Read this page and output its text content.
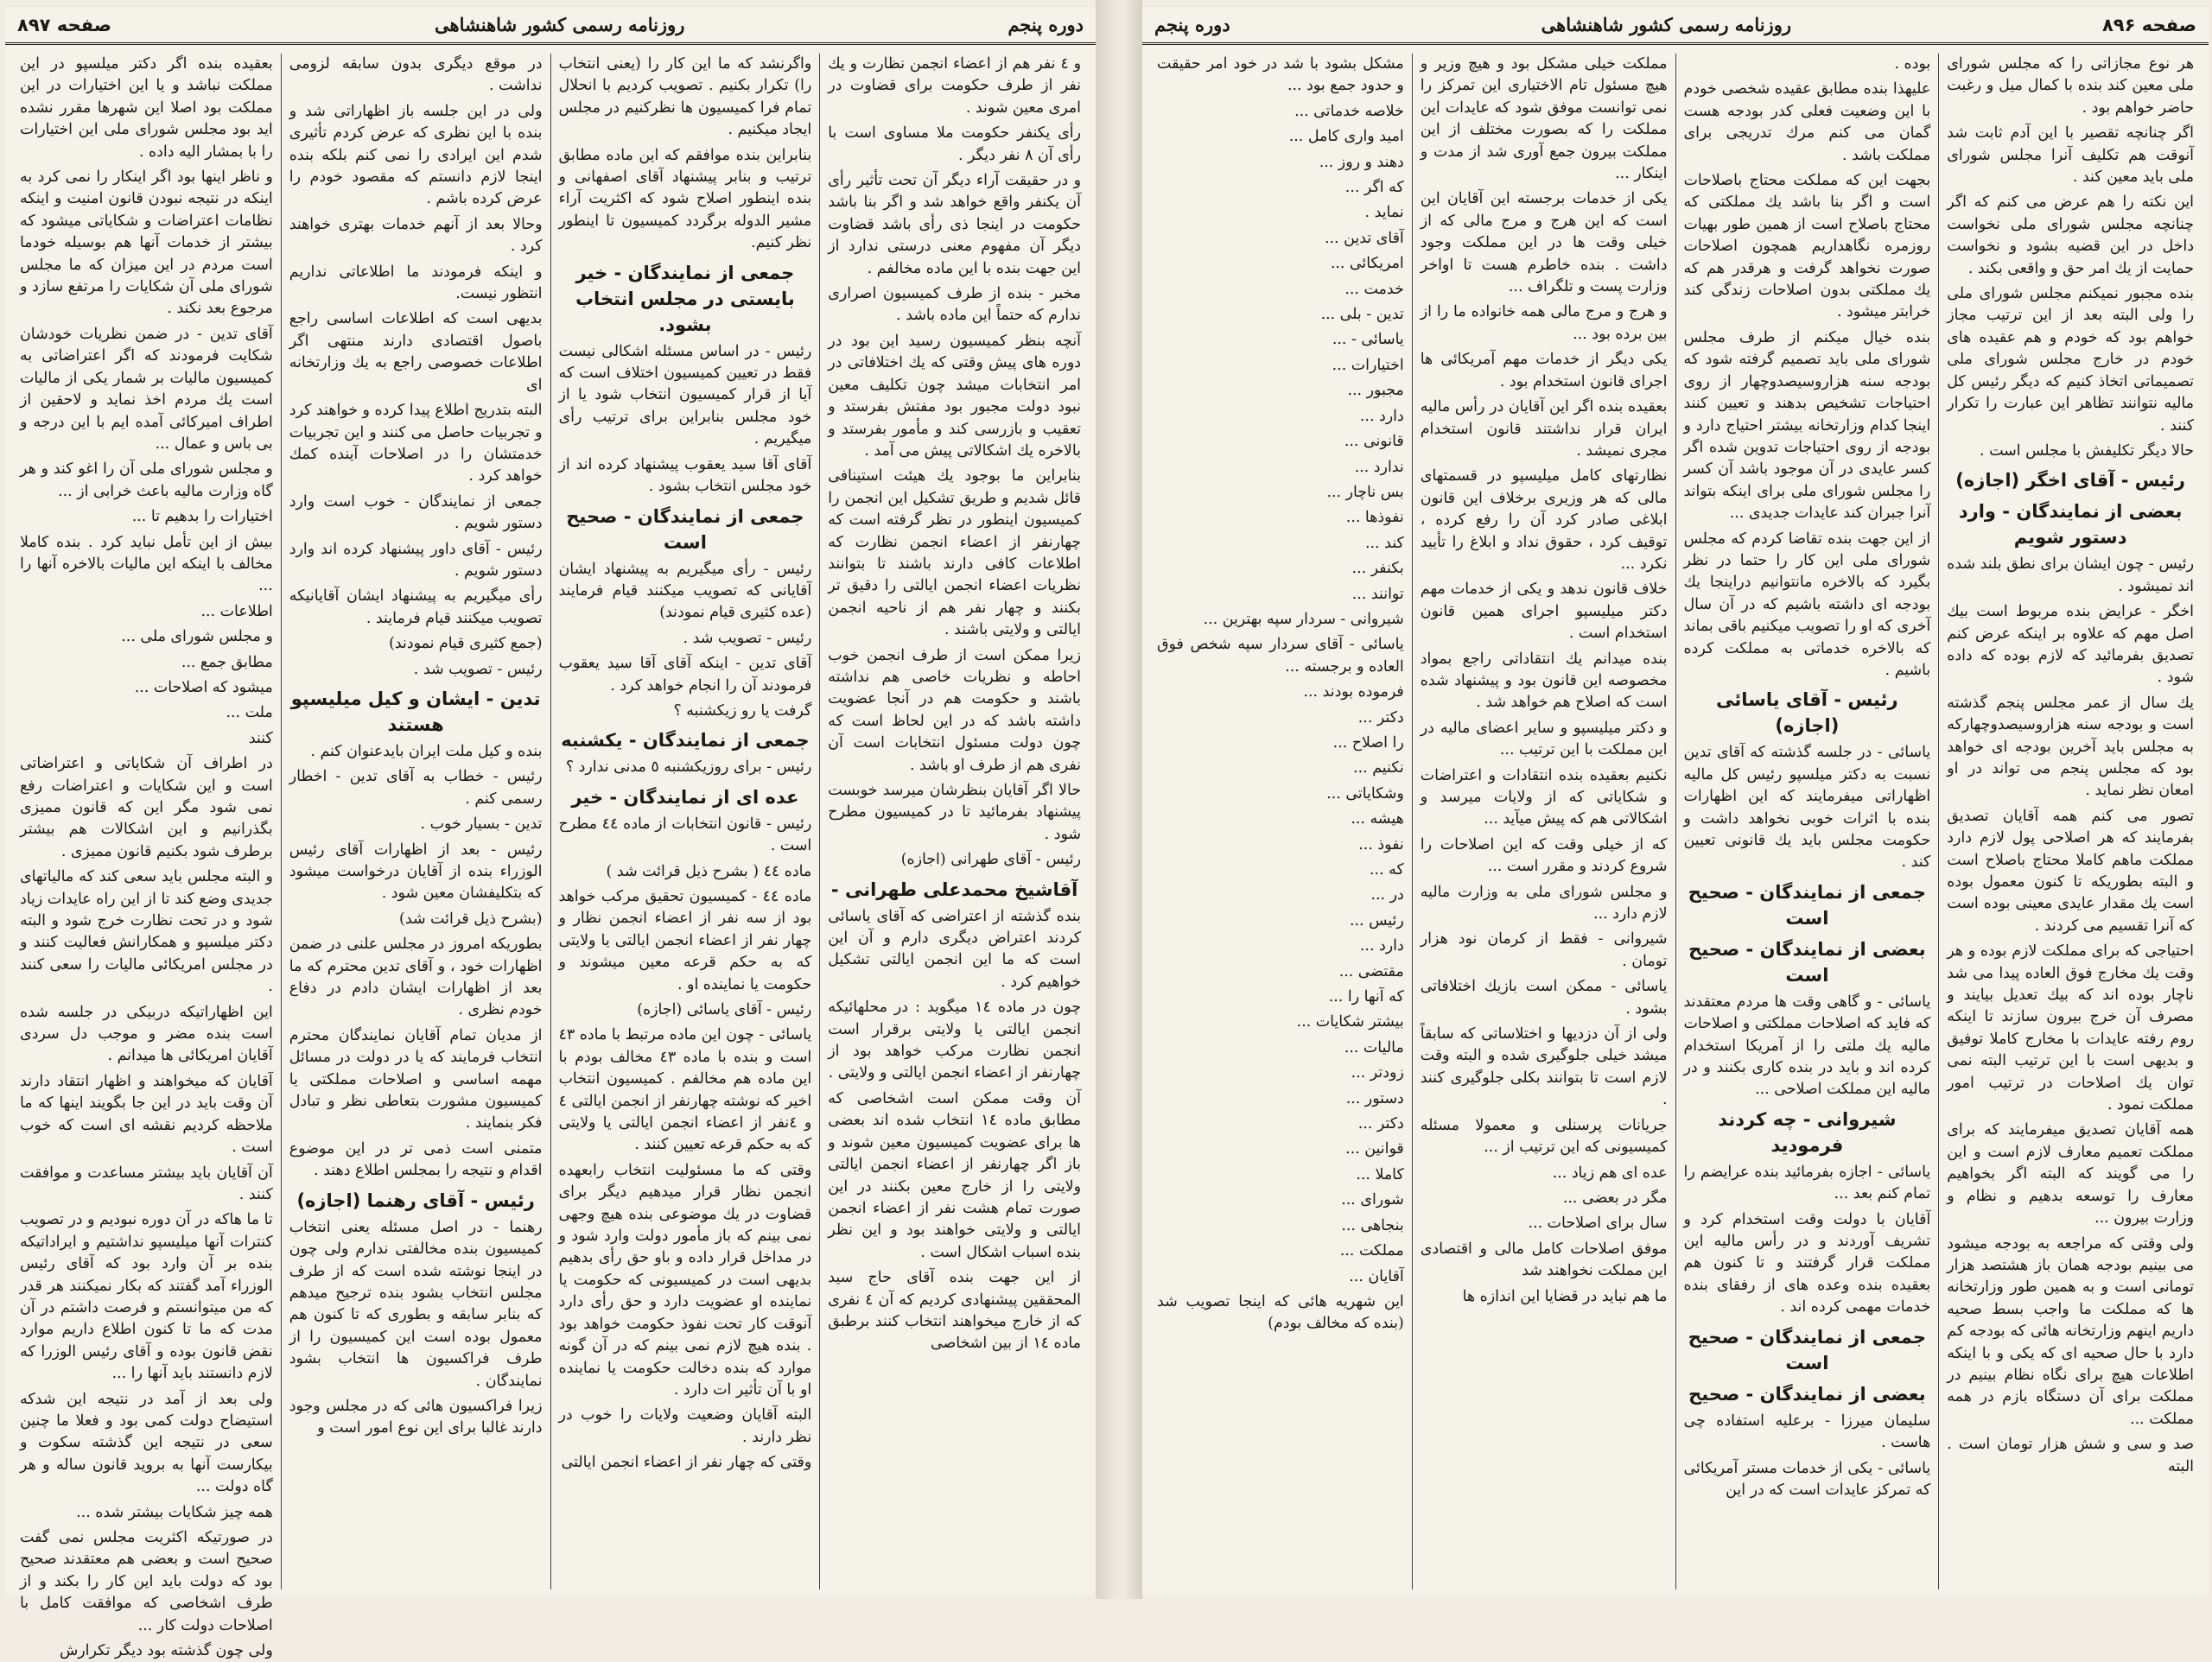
دوره پنجم
روزنامه رسمی کشور شاهنشاهی
صفحه ۸۹۷
و ٤ نفر هم از اعضاء انجمن نظارت و یك نفر از طرف حکومت برای قضاوت در امری معین شوند .
رأی یکنفر حکومت ملا مساوی است با رأی آن ٨ نفر دیگر .
و در حقیقت آراء دیگر آن تحت تأثیر رأی آن یکنفر واقع خواهد شد و اگر بنا باشد حکومت در اینجا ذی رأی باشد قضاوت دیگر آن مفهوم معنی درستی ندارد از این جهت بنده با این ماده مخالفم .
مخبر - بنده از طرف کمیسیون اصراری ندارم که حتماً این ماده باشد .
آنچه بنظر کمیسیون رسید این بود در دوره های پیش وقتی که یك اختلافاتی در امر انتخابات میشد چون تکلیف معین نبود دولت مجبور بود مفتش بفرستد و تعقیب و بازرسی کند و مأمور بفرستد و بالاخره یك اشکالاتی پیش می آمد .
بنابراین ما بوجود یك هیئت استینافی قائل شدیم و طریق تشکیل این انجمن را کمیسیون اینطور در نظر گرفته است که چهارنفر از اعضاء انجمن نظارت که اطلاعات کافی دارند باشند تا بتوانند نظریات اعضاء انجمن ایالتی را دقیق تر بکنند و چهار نفر هم از ناحیه انجمن ایالتی و ولایتی باشند .
زیرا ممکن است از طرف انجمن خوب احاطه و نظریات خاصی هم نداشته باشند و حکومت هم در آنجا عضویت داشته باشد که در این لحاظ است که چون دولت مسئول انتخابات است آن نفری هم از طرف او باشد .
حالا اگر آقایان بنظرشان میرسد خوبست پیشنهاد بفرمائید تا در کمیسیون مطرح شود .
رئیس - آقای طهرانی (اجازه)
آقاشیخ محمدعلی طهرانی -
بنده گذشته از اعتراضی که آقای یاسائی کردند اعتراض دیگری دارم و آن این است که ما این انجمن ایالتی تشکیل خواهیم کرد .
چون در ماده ١٤ میگوید : در محلهائیکه انجمن ایالتی یا ولایتی برقرار است انجمن نظارت مرکب خواهد بود از چهارنفر از اعضاء انجمن ایالتی و ولایتی .
آن وقت ممکن است اشخاصی که مطابق ماده ١٤ انتخاب شده اند بعضی ها برای عضویت کمیسیون معین شوند و باز اگر چهارنفر از اعضاء انجمن ایالتی ولایتی را از خارج معین بکنند در این صورت تمام هشت نفر از اعضاء انجمن ایالتی و ولایتی خواهند بود و این نظر بنده اسباب اشکال است .
از این جهت بنده آقای حاج سید المحققین پیشنهادی کردیم که آن ٤ نفری که از خارج میخواهند انتخاب کنند برطبق ماده ١٤ از بین اشخاصی
واگرنشد که ما این کار را (یعنی انتخاب را) تکرار بکنیم . تصویب کردیم با انحلال تمام فرا کمیسیون ها نظرکنیم در مجلس ایجاد میکنیم .
بنابراین بنده موافقم که این ماده مطابق ترتیب و بنابر پیشنهاد آقای اصفهانی و بنده اینطور اصلاح شود که اکثریت آراء مشیر الدوله برگردد کمیسیون تا اینطور نظر کنیم.
جمعی از نمایندگان - خیر بایستی در مجلس انتخاب بشود.
رئیس - در اساس مسئله اشکالی نیست فقط در تعیین کمیسیون اختلاف است که آیا از قرار کمیسیون انتخاب شود یا از خود مجلس بنابراین برای ترتیب رأی میگیریم .
آقای آقا سید یعقوب پیشنهاد کرده اند از خود مجلس انتخاب بشود .
جمعی از نمایندگان - صحیح است
رئیس - رأی میگیریم به پیشنهاد ایشان آقایانی که تصویب میکنند قیام فرمایند (عده کثیری قیام نمودند)
رئیس - تصویب شد .
آقای تدین - اینکه آقای آقا سید یعقوب فرمودند آن را انجام خواهد کرد .
گرفت یا رو زیکشنبه ؟
جمعی از نمایندگان - یکشنبه
رئیس - برای روزیکشنبه ٥ مدنی ندارد ؟
عده ای از نمایندگان - خیر
رئیس - قانون انتخابات از ماده ٤٤ مطرح است .
ماده ٤٤ ( بشرح ذیل قرائت شد )
ماده ٤٤ - کمیسیون تحقیق مرکب خواهد بود از سه نفر از اعضاء انجمن نظار و چهار نفر از اعضاء انجمن ایالتی یا ولایتی که به حکم قرعه معین میشوند و حکومت یا نماینده او .
رئیس - آقای یاسائی (اجازه)
یاسائی - چون این ماده مرتبط با ماده ٤٣ است و بنده با ماده ٤٣ مخالف بودم با این ماده هم مخالفم . کمیسیون انتخاب اخیر که نوشته چهارنفر از انجمن ایالتی ٤ و ٤نفر از اعضاء انجمن ایالتی یا ولایتی که به حکم قرعه تعیین کنند .
وقتی که ما مسئولیت انتخاب رابعهده انجمن نظار قرار میدهیم دیگر برای قضاوت در یك موضوعی بنده هیچ وجهی نمی بینم که باز مأمور دولت وارد شود و در مداخل قرار داده و باو حق رأی بدهیم بدیهی است در کمیسیونی که حکومت یا نماینده او عضویت دارد و حق رأی دارد آنوقت کار تحت نفوذ حکومت خواهد بود . بنده هیچ لازم نمی بینم که در آن گونه موارد که بنده دخالت حکومت یا نماینده او با آن تأثیر ات دارد .
البته آقایان وضعیت ولایات را خوب در نظر دارند .
وقتی که چهار نفر از اعضاء انجمن ایالتی
در موقع دیگری بدون سابقه لزومی نداشت .
ولی در این جلسه باز اظهاراتی شد و بنده با این نظری که عرض کردم تأثیری شدم این ایرادی را نمی کنم بلکه بنده اینجا لازم دانستم که مقصود خودم را عرض کرده باشم .
وحالا بعد از آنهم خدمات بهتری خواهند کرد .
و اینکه فرمودند ما اطلاعاتی نداریم انتظور نیست.
بدیهی است که اطلاعات اساسی راجع باصول اقتصادی دارند منتهی اگر اطلاعات خصوصی راجع به یك وزارتخانه ای
البته بتدریج اطلاع پیدا کرده و خواهند کرد و تجربیات حاصل می کنند و این تجربیات خدمتشان را در اصلاحات آینده کمك خواهد کرد .
جمعی از نمایندگان - خوب است وارد دستور شویم .
رئیس - آقای داور پیشنهاد کرده اند وارد دستور شویم .
رأی میگیریم به پیشنهاد ایشان آقایانیکه تصویب میکنند قیام فرمایند .
(جمع کثیری قیام نمودند)
رئیس - تصویب شد .
تدین - ایشان و کیل میلیسپو هستند
بنده و کیل ملت ایران بایدعنوان کنم .
رئیس - خطاب به آقای تدین - اخطار رسمی کنم .
تدین - بسیار خوب .
رئیس - بعد از اظهارات آقای رئیس الوزراء بنده از آقایان درخواست میشود که بتکلیفشان معین شود .
(بشرح ذیل قرائت شد)
بطوریکه امروز در مجلس علنی در ضمن اظهارات خود ، و آقای تدین محترم که ما بعد از اظهارات ایشان دادم در دفاع خودم نظری .
از مدیان تمام آقایان نمایندگان محترم انتخاب فرمایند که یا در دولت در مسائل مهمه اساسی و اصلاحات مملکتی یا کمیسیون مشورت بتعاطی نظر و تبادل فکر بنمایند .
متمنی است ذمی تر در این موضوع اقدام و نتیجه را بمجلس اطلاع دهند .
رئیس - آقای رهنما (اجازه)
رهنما - در اصل مسئله یعنی انتخاب کمیسیون بنده مخالفتی ندارم ولی چون در اینجا نوشته شده است که از طرف مجلس انتخاب بشود بنده ترجیح میدهم که بنابر سابقه و بطوری که تا کنون هم معمول بوده است این کمیسیون را از طرف فراکسیون ها انتخاب بشود نمایندگان .
زیرا فراکسیون هائی که در مجلس وجود دارند غالبا برای این نوع امور است و
بعقیده بنده اگر دکتر میلسپو در این مملکت نباشد و یا این اختیارات در این مملکت بود اصلا این شهرها مقرر نشده اید بود مجلس شورای ملی این اختیارات را با بمشار الیه داده .
و ناظر اینها بود اگر اینکار را نمی کرد به اینکه در نتیجه نبودن قانون امنیت و اینکه نظامات اعتراضات و شکایاتی میشود که بیشتر از خدمات آنها هم بوسیله خودما است مردم در این میزان که ما مجلس شورای ملی آن شکایات را مرتفع سازد و مرجوع بعد نکند .
آقای تدین - در ضمن نظریات خودشان شکایت فرمودند که اگر اعتراضاتی به کمیسیون مالیات بر شمار یکی از مالیات است یك مردم اخذ نماید و لاحقین از اطراف امیرکائی آمده ایم با این درجه و بی باس و عمال ...
و مجلس شورای ملی آن را اغو کند و هر گاه وزارت مالیه باعث خرابی از ...
اختیارات را بدهیم تا ...
بیش از این تأمل نباید کرد . بنده کاملا مخالف با اینکه این مالیات بالاخره آنها را ...
اطلاعات ...
و مجلس شورای ملی ...
مطابق جمع ...
میشود که اصلاحات ...
ملت ...
کنند
در اطراف آن شکایاتی و اعتراضاتی است و این شکایات و اعتراضات رفع نمی شود مگر این که قانون ممیزی بگذرانیم و این اشکالات هم بیشتر برطرف شود بکنیم قانون ممیزی .
و البته مجلس باید سعی کند که مالیاتهای جدیدی وضع کند تا از این راه عایدات زیاد شود و در تحت نظارت خرج شود و البته دکتر میلسپو و همکارانش فعالیت کنند و در مجلس امریکائی مالیات را سعی کنند .
این اظهاراتیکه دربیکی در جلسه شده است بنده مضر و موجب دل سردی آقایان امریکائی ها میدانم .
آقایان که میخواهند و اظهار انتقاد دارند آن وقت باید در این جا بگویند اینها که ما ملاحظه کردیم نقشه ای است که خوب است .
آن آقایان باید بیشتر مساعدت و موافقت کنند .
تا ما هاکه در آن دوره نبودیم و در تصویب کنترات آنها میلیسپو نداشتیم و ایراداتیکه بنده بر آن وارد بود که آقای رئیس الوزراء آمد گفتند که بکار نمیکنند هر قدر که من میتوانستم و فرصت داشتم در آن مدت که ما تا کنون اطلاع داریم موارد نقض قانون بوده و آقای رئیس الوزرا که لازم دانستند باید آنها را ...
ولی بعد از آمد در نتیجه این شدکه استیضاح دولت کمی بود و فعلا ما چنین سعی در نتیجه این گذشته سکوت و بیکارست آنها به بروید قانون ساله و هر گاه دولت ...
همه چیز شکایات بیشتر شده ...
در صورتیکه اکثریت مجلس نمی گفت صحیح است و بعضی هم معتقدند صحیح بود که دولت باید این کار را بکند و از طرف اشخاصی که موافقت کامل با اصلاحات دولت کار ...
ولی چون گذشته بود دیگر تکرارش
صفحه ۸۹۶
روزنامه رسمی کشور شاهنشاهی
دوره پنجم
هر نوع مجازاتی را که مجلس شورای ملی معین کند بنده با کمال میل و رغبت حاضر خواهم بود .
اگر چنانچه تقصیر با این آدم ثابت شد آنوقت هم تکلیف آنرا مجلس شورای ملی باید معین کند .
این نکته را هم عرض می کنم که اگر چنانچه مجلس شورای ملی نخواست داخل در این قضیه بشود و نخواست حمایت از یك امر حق و واقعی بکند .
بنده مجبور نمیکنم مجلس شورای ملی را ولی البته بعد از این ترتیب مجاز خواهم بود که خودم و هم عقیده های خودم در خارج مجلس شورای ملی تصمیماتی اتخاذ کنیم که دیگر رئیس کل مالیه نتوانند تظاهر این عبارت را تکرار کنند .
حالا دیگر تکلیفش با مجلس است .
رئیس - آقای اخگر (اجازه)
بعضی از نمایندگان - وارد دستور شویم
رئیس - چون ایشان برای نطق بلند شده اند نمیشود .
اخگر - عرایض بنده مربوط است بیك اصل مهم که علاوه بر اینکه عرض کنم تصدیق بفرمائید که لازم بوده که داده شود .
یك سال از عمر مجلس پنجم گذشته است و بودجه سنه هزاروسیصدوچهارکه به مجلس باید آخرین بودجه ای خواهد بود که مجلس پنجم می تواند در او امعان نظر نماید .
تصور می کنم همه آقایان تصدیق بفرمایند که هر اصلاحی پول لازم دارد مملکت ماهم کاملا محتاج باصلاح است و البته بطوریکه تا کنون معمول بوده است یك مقدار عایدی معینی بوده است که آنرا تقسیم می کردند .
احتیاجی که برای مملکت لازم بوده و هر وقت یك مخارج فوق العاده پیدا می شد ناچار بوده اند که بیك تعدیل بیایند و مصرف آن خرج بیرون سازند تا اینکه روم رفته عایدات با مخارج کاملا توفیق و بدیهی است با این ترتیب البته نمی توان یك اصلاحات در ترتیب امور مملکت نمود .
همه آقایان تصدیق میفرمایند که برای مملکت تعمیم معارف لازم است و این را می گویند که البته اگر بخواهیم معارف را توسعه بدهیم و نظام و وزارت بیرون ...
ولی وقتی که مراجعه به بودجه میشود می بینیم بودجه همان باز هشتصد هزار تومانی است و به همین طور وزارتخانه ها که مملکت ما واجب بسط صحیه داریم اینهم وزارتخانه هائی که بودجه کم دارد با حال صحیه ای که یکی و با اینکه اطلاعات هیچ برای نگاه نظام بینیم در مملکت برای آن دستگاه بازم در همه مملکت ...
صد و سی و شش هزار تومان است . البته
بوده .
علیهذا بنده مطابق عقیده شخصی خودم با این وضعیت فعلی کدر بودجه هست گمان می کنم مرك تدریجی برای مملکت باشد .
بجهت این که مملکت محتاج باصلاحات است و اگر بنا باشد یك مملکتی که محتاج باصلاح است از همین طور بهیات روزمره نگاهداریم همچون اصلاحات صورت نخواهد گرفت و هرقدر هم که یك مملکتی بدون اصلاحات زندگی کند خرابتر میشود .
بنده خیال میکنم از طرف مجلس شورای ملی باید تصمیم گرفته شود که بودجه سنه هزاروسیصدوچهار از روی احتیاجات تشخیص بدهند و تعیین کنند اینجا کدام وزارتخانه بیشتر احتیاج دارد و بودجه از روی احتیاجات تدوین شده اگر کسر عایدی در آن موجود باشد آن کسر را مجلس شورای ملی برای اینکه بتواند آنرا جبران کند عایدات جدیدی ...
از این جهت بنده تقاضا کردم که مجلس شورای ملی این کار را حتما در نظر بگیرد که بالاخره مانتوانیم دراینجا یك بودجه ای داشته باشیم که در آن سال آخری که او را تصویب میکنیم باقی بماند که بالاخره خدماتی به مملکت کرده باشیم .
رئیس - آقای یاسائی (اجازه)
یاسائی - در جلسه گذشته که آقای تدین نسبت به دکتر میلسپو رئیس کل مالیه اظهاراتی میفرمایند که این اظهارات بنده با اثرات خوبی نخواهد داشت و حکومت مجلس باید یك قانونی تعیین کند .
جمعی از نمایندگان - صحیح است
بعضی از نمایندگان - صحیح است
یاسائی - و گاهی وقت ها مردم معتقدند که فاید که اصلاحات مملکتی و اصلاحات مالیه یك ملتی را از آمریکا استخدام کرده اند و باید در بنده کاری بکنند و در مالیه این مملکت اصلاحی ...
شیروانی - چه کردند فرمودید
یاسائی - اجازه بفرمائید بنده عرایضم را تمام کنم بعد ...
آقایان با دولت وقت استخدام کرد و تشریف آوردند و در رأس مالیه این مملکت قرار گرفتند و تا کنون هم بعقیده بنده وعده های از رفقای بنده خدمات مهمی کرده اند .
جمعی از نمایندگان - صحیح است
بعضی از نمایندگان - صحیح
سلیمان میرزا - برعلیه استفاده چی هاست .
یاسائی - یکی از خدمات مستر آمریکائی که تمرکز عایدات است که در این
مملکت خیلی مشکل بود و هیچ وزیر و هیچ مسئول تام الاختیاری این تمرکز را نمی توانست موفق شود که عایدات این مملکت را که بصورت مختلف از این مملکت بیرون جمع آوری شد از مدت و اینکار ...
یکی از خدمات برجسته این آقایان این است که این هرج و مرج مالی که از خیلی وقت ها در این مملکت وجود داشت . بنده خاطرم هست تا اواخر وزارت پست و تلگراف ...
و هرج و مرج مالی همه خانواده ما را از بین برده بود ...
یکی دیگر از خدمات مهم آمریکائی ها اجرای قانون استخدام بود .
بعقیده بنده اگر این آقایان در رأس مالیه ایران قرار نداشتند قانون استخدام مجری نمیشد .
نظارتهای کامل میلیسپو در قسمتهای مالی که هر وزیری برخلاف این قانون ابلاغی صادر کرد آن را رفع کرده ، توقیف کرد ، حقوق نداد و ابلاغ را تأیید نکرد ...
خلاف قانون ندهد و یکی از خدمات مهم دکتر میلیسپو اجرای همین قانون استخدام است .
بنده میدانم یك انتقاداتی راجع بمواد مخصوصه این قانون بود و پیشنهاد شده است که اصلاح هم خواهد شد .
و دکتر میلیسپو و سایر اعضای مالیه در این مملکت با این ترتیب ...
نکنیم بعقیده بنده انتقادات و اعتراضات و شکایاتی که از ولایات میرسد و اشکالاتی هم که پیش میآید ...
که از خیلی وقت که این اصلاحات را شروع کردند و مقرر است ...
و مجلس شورای ملی به وزارت مالیه لازم دارد ...
شیروانی - فقط از کرمان نود هزار تومان .
یاسائی - ممکن است بازیك اختلافاتی بشود .
ولی از آن دزدیها و اختلاساتی که سابقاً میشد خیلی جلوگیری شده و البته وقت لازم است تا بتوانند بکلی جلوگیری کنند .
جریانات پرسنلی و معمولا مسئله کمیسیونی که این ترتیب از ...
عده ای هم زیاد ...
مگر در بعضی ...
سال برای اصلاحات ...
موفق اصلاحات کامل مالی و اقتصادی این مملکت نخواهند شد
ما هم نباید در قضایا این اندازه ها
مشکل بشود با شد در خود امر حقیقت و حدود جمع بود ...
خلاصه خدماتی ...
امید واری کامل ...
دهند و روز ...
که اگر ...
نماید .
آقای تدین ...
امریکائی ...
خدمت ...
تدین - بلی ...
یاسائی - ...
اختیارات ...
مجبور ...
دارد ...
قانونی ...
ندارد ...
بس ناچار ...
نفوذها ...
کند ...
بکنفر ...
توانند ...
شیروانی - سردار سپه بهترین ...
یاسائی - آقای سردار سپه شخص فوق العاده و برجسته ...
فرموده بودند ...
دکتر ...
را اصلاح ...
نکنیم ...
وشکایاتی ...
هیشه ...
نفوذ ...
که ...
در ...
رئیس ...
دارد ...
مقتضی ...
که آنها را ...
بیشتر شکایات ...
مالیات ...
زودتر ...
دستور ...
دکتر ...
قوانین ...
کاملا ...
شورای ...
بنجاهی ...
مملکت ...
آقایان ...
این شهریه هائی که اینجا تصویب شد (بنده که مخالف بودم)
